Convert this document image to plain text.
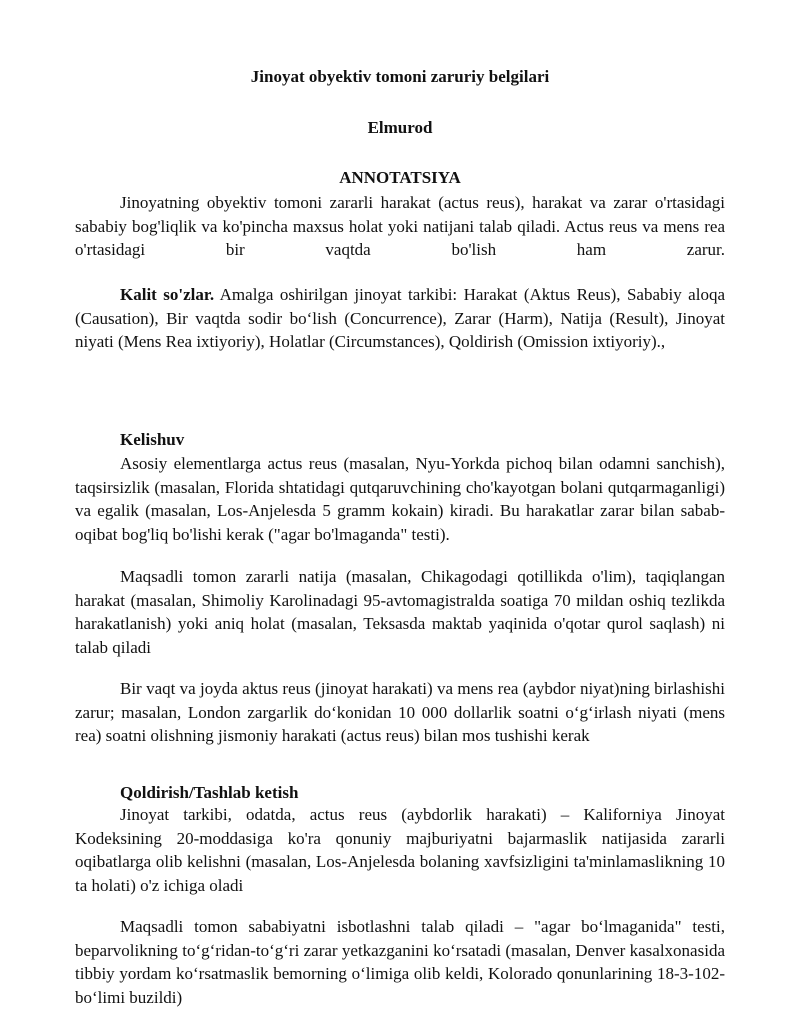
Jinoyat obyektiv tomoni zaruriy belgilari
Elmurod
ANNOTATSIYA

Jinoyatning obyektiv tomoni zararli harakat (actus reus), harakat va zarar o'rtasidagi sababiy bog'liqlik va ko'pincha maxsus holat yoki natijani talab qiladi. Actus reus va mens rea o'rtasidagi bir vaqtda bo'lish ham zarur.

Kalit so'zlar. Amalga oshirilgan jinoyat tarkibi: Harakat (Aktus Reus), Sababiy aloqa (Causation), Bir vaqtda sodir boʻlish (Concurrence), Zarar (Harm), Natija (Result), Jinoyat niyati (Mens Rea ixtiyoriy), Holatlar (Circumstances), Qoldirish (Omission ixtiyoriy).,

Kelishuv

Asosiy elementlarga actus reus (masalan, Nyu-Yorkda pichoq bilan odamni sanchish), taqsirsizlik (masalan, Florida shtatidagi qutqaruvchining cho'kayotgan bolani qutqarmaganligi) va egalik (masalan, Los-Anjelesda 5 gramm kokain) kiradi. Bu harakatlar zarar bilan sabab-oqibat bog'liq bo'lishi kerak ("agar bo'lmaganda" testi).

Maqsadli tomon zararli natija (masalan, Chikagodagi qotillikda o'lim), taqiqlangan harakat (masalan, Shimoliy Karolinadagi 95-avtomagistralda soatiga 70 mildan oshiq tezlikda harakatlanish) yoki aniq holat (masalan, Teksasda maktab yaqinida o'qotar qurol saqlash) ni talab qiladi

Bir vaqt va joyda aktus reus (jinoyat harakati) va mens rea (aybdor niyat)ning birlashishi zarur; masalan, London zargarlik doʻkonidan 10 000 dollarlik soatni oʻgʻirlash niyati (mens rea) soatni olishning jismoniy harakati (actus reus) bilan mos tushishi kerak

Qoldirish/Tashlab ketish

Jinoyat tarkibi, odatda, actus reus (aybdorlik harakati) – Kaliforniya Jinoyat Kodeksining 20-moddasiga ko'ra qonuniy majburiyatni bajarmaslik natijasida zararli oqibatlarga olib kelishni (masalan, Los-Anjelesda bolaning xavfsizligini ta'minlamaslikning 10 ta holati) o'z ichiga oladi

Maqsadli tomon sababiyatni isbotlashni talab qiladi – "agar boʻlmaganida" testi, beparvolikning toʻgʻridan-toʻgʻri zarar yetkazganini koʻrsatadi (masalan, Denver kasalxonasida tibbiy yordam koʻrsatmaslik bemorning oʻlimiga olib keldi, Kolorado qonunlarining 18-3-102-boʻlimi buzildi)
